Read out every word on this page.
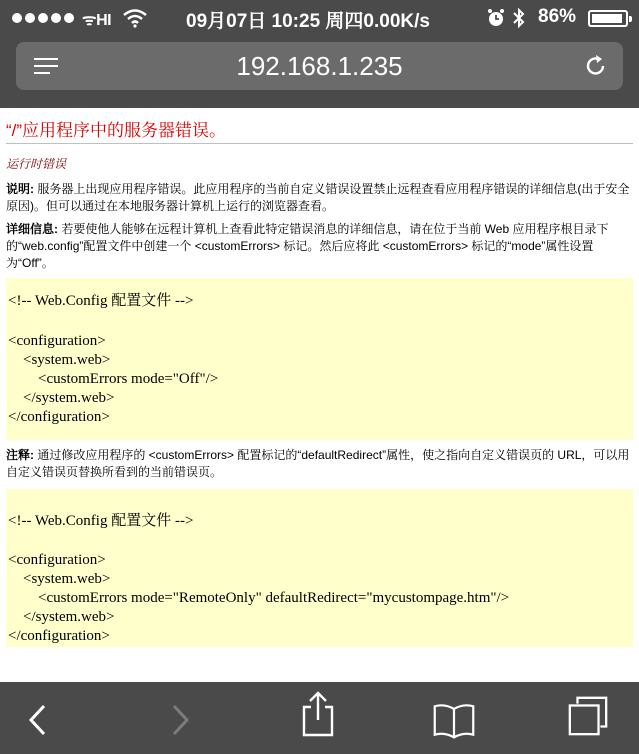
ᯤHI	09月07日 10:25 周四0.00K/s	86%
192.168.1.235
“/”应用程序中的服务器错误。
运行时错误
说明: 服务器上出现应用程序错误。此应用程序的当前自定义错误设置禁止远程查看应用程序错误的详细信息(出于安全原因)。但可以通过在本地服务器计算机上运行的浏览器查看。
详细信息: 若要使他人能够在远程计算机上查看此特定错误消息的详细信息，请在位于当前 Web 应用程序根目录下的“web.config”配置文件中创建一个 <customErrors> 标记。然后应将此 <customErrors> 标记的“mode”属性设置为“Off”。
<!-- Web.Config 配置文件 -->
<configuration>
<system.web>
<customErrors mode="Off"/>
</system.web>
</configuration>
注释: 通过修改应用程序的 <customErrors> 配置标记的“defaultRedirect”属性，使之指向自定义错误页的 URL，可以用自定义错误页替换所看到的当前错误页。
<!-- Web.Config 配置文件 -->
<configuration>
<system.web>
<customErrors mode="RemoteOnly" defaultRedirect="mycustompage.htm"/>
</system.web>
</configuration>
